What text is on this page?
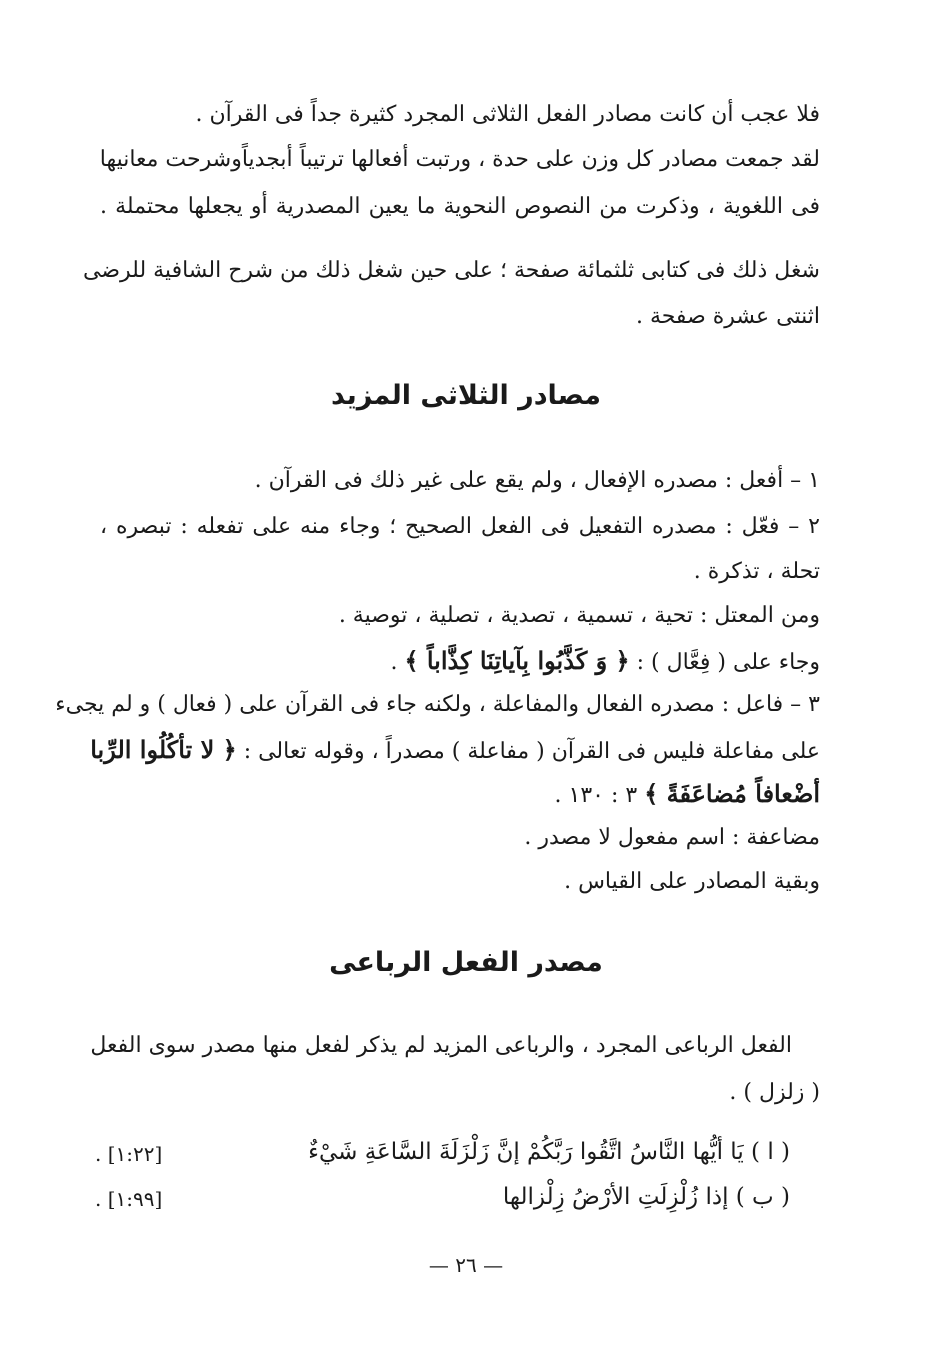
فلا عجب أن كانت مصادر الفعل الثلاثى المجرد كثيرة جداً فى القرآن .
لقد جمعت مصادر كل وزن على حدة ، ورتبت أفعالها ترتيباً أبجدياًوشرحت معانيها
فى اللغوية ، وذكرت من النصوص النحوية ما يعين المصدرية أو يجعلها محتملة .
شغل ذلك فى كتابى ثلثمائة صفحة ؛ على حين شغل ذلك من شرح الشافية للرضى
اثنتى عشرة صفحة .
مصادر الثلاثى المزيد
١ – أفعل : مصدره الإفعال ، ولم يقع على غير ذلك فى القرآن .
٢ – فعّل : مصدره التفعيل فى الفعل الصحيح ؛ وجاء منه على تفعله : تبصره ،
تحلة ، تذكرة .
ومن المعتل : تحية ، تسمية ، تصدية ، تصلية ، توصية .
وجاء على ( فِعَّال ) : ﴿ وَ كَذَّبُوا بِآياتِنَا كِذَّاباً ﴾ .
٣ – فاعل : مصدره الفعال والمفاعلة ، ولكنه جاء فى القرآن على ( فعال ) و لم يجىء
على مفاعلة فليس فى القرآن ( مفاعلة ) مصدراً ، وقوله تعالى : ﴿ لا تأكُلُوا الرِّبا
أضْعافاً مُضاعَفَةً ﴾ ٣ : ١٣٠ .
مضاعفة : اسم مفعول لا مصدر .
وبقية المصادر على القياس .
مصدر الفعل الرباعى
الفعل الرباعى المجرد ، والرباعى المزيد لم يذكر لفعل منها مصدر سوى الفعل
( زلزل ) .
( ا ) يَا أيُّها النَّاسُ اتَّقُوا رَبَّكُمْ إنَّ زَلْزَلَةَ السَّاعَةِ شَيْءٌ
. [١:٢٢]
( ب ) إذا زُلْزِلَتِ الأرْضُ زِلْزالها
. [١:٩٩]
— ٢٦ —
